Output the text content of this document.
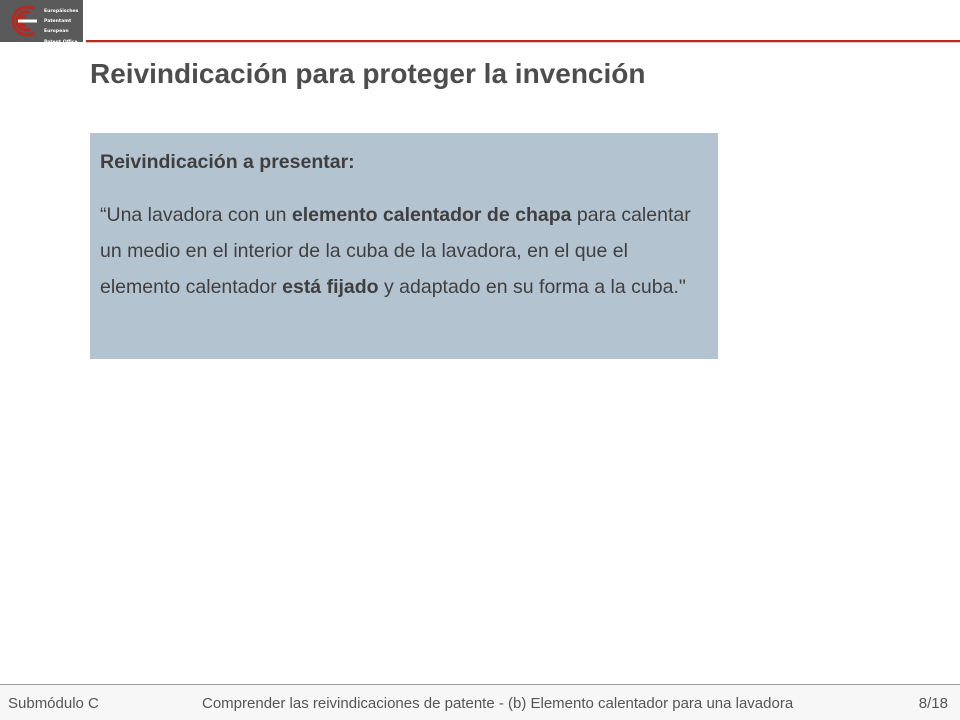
Europäisches

Patentamt

European

Patent Office

Office européen

des brevets Reivindicación para proteger la invención

Reivindicación a presentar:

“Una lavadora con un elemento calentador de chapa para calentar un medio en el interior de la cuba de la lavadora, en el que el elemento calentador está fijado y adaptado en su forma a la cuba."

Submódulo C	Comprender las reivindicaciones de patente - (b) Elemento calentador para una lavadora	8/18
